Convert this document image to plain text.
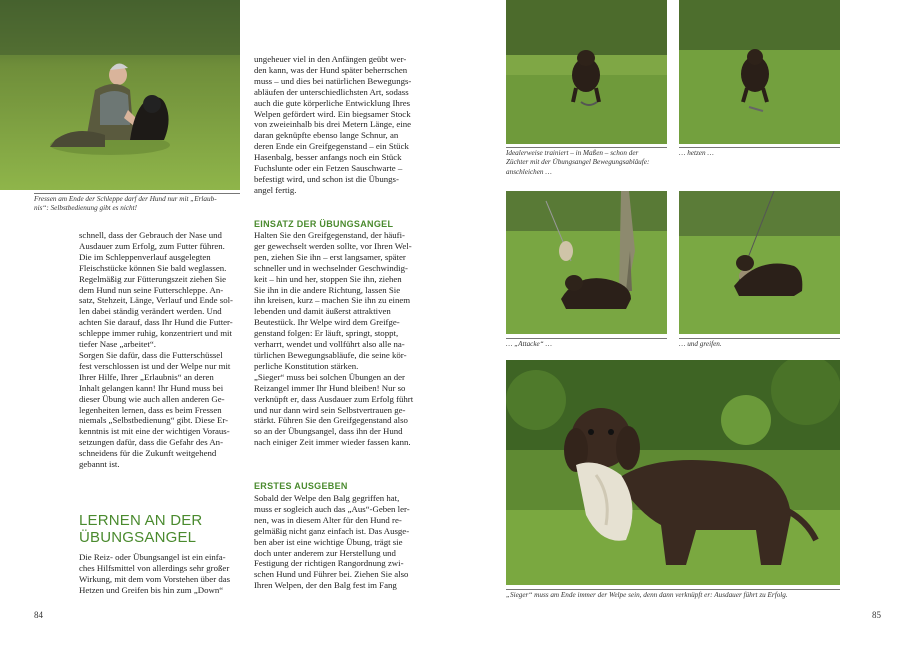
Fressen am Ende der Schleppe darf der Hund nur mit „Erlaub-
nis“: Selbstbedienung gibt es nicht!
schnell, dass der Gebrauch der Nase und
Ausdauer zum Erfolg, zum Futter führen.
Die im Schleppenverlauf ausgelegten
Fleischstücke können Sie bald weglassen.
Regelmäßig zur Fütterungszeit ziehen Sie
dem Hund nun seine Futterschleppe. An-
satz, Stehzeit, Länge, Verlauf und Ende sol-
len dabei ständig verändert werden. Und
achten Sie darauf, dass Ihr Hund die Futter-
schleppe immer ruhig, konzentriert und mit
tiefer Nase „arbeitet“.
Sorgen Sie dafür, dass die Futterschüssel
fest verschlossen ist und der Welpe nur mit
Ihrer Hilfe, Ihrer „Erlaubnis“ an deren
Inhalt gelangen kann! Ihr Hund muss bei
dieser Übung wie auch allen anderen Ge-
legenheiten lernen, dass es beim Fressen
niemals „Selbstbedienung“ gibt. Diese Er-
kenntnis ist mit eine der wichtigen Voraus-
setzungen dafür, dass die Gefahr des An-
schneidens für die Zukunft weitgehend
gebannt ist.
LERNEN AN DER
ÜBUNGSANGEL
Die Reiz- oder Übungsangel ist ein einfa-
ches Hilfsmittel von allerdings sehr großer
Wirkung, mit dem vom Vorstehen über das
Hetzen und Greifen bis hin zum „Down“
ungeheuer viel in den Anfängen geübt wer-
den kann, was der Hund später beherrschen
muss – und dies bei natürlichen Bewegungs-
abläufen der unterschiedlichsten Art, sodass
auch die gute körperliche Entwicklung Ihres
Welpen gefördert wird. Ein biegsamer Stock
von zweieinhalb bis drei Metern Länge, eine
daran geknüpfte ebenso lange Schnur, an
deren Ende ein Greifgegenstand – ein Stück
Hasenbalg, besser anfangs noch ein Stück
Fuchslunte oder ein Fetzen Sauschwarte –
befestigt wird, und schon ist die Übungs-
angel fertig.
EINSATZ DER ÜBUNGSANGEL
Halten Sie den Greifgegenstand, der häufi-
ger gewechselt werden sollte, vor Ihren Wel-
pen, ziehen Sie ihn – erst langsamer, später
schneller und in wechselnder Geschwindig-
keit – hin und her, stoppen Sie ihn, ziehen
Sie ihn in die andere Richtung, lassen Sie
ihn kreisen, kurz – machen Sie ihn zu einem
lebenden und damit äußerst attraktiven
Beutestück. Ihr Welpe wird dem Greifge-
genstand folgen: Er läuft, springt, stoppt,
verharrt, wendet und vollführt also alle na-
türlichen Bewegungsabläufe, die seine kör-
perliche Konstitution stärken.
„Sieger“ muss bei solchen Übungen an der
Reizangel immer Ihr Hund bleiben! Nur so
verknüpft er, dass Ausdauer zum Erfolg führt
und nur dann wird sein Selbstvertrauen ge-
stärkt. Führen Sie den Greifgegenstand also
so an der Übungsangel, dass ihn der Hund
nach einiger Zeit immer wieder fassen kann.
ERSTES AUSGEBEN
Sobald der Welpe den Balg gegriffen hat,
muss er sogleich auch das „Aus“-Geben ler-
nen, was in diesem Alter für den Hund re-
gelmäßig nicht ganz einfach ist. Das Ausge-
ben aber ist eine wichtige Übung, trägt sie
doch unter anderem zur Herstellung und
Festigung der richtigen Rangordnung zwi-
schen Hund und Führer bei. Ziehen Sie also
Ihren Welpen, der den Balg fest im Fang
84
Idealerweise trainiert – in Maßen – schon der
Züchter mit der Übungsangel Bewegungsabläufe:
anschleichen …
… hetzen …
… „Attacke“ …	… und greifen.
„Sieger“ muss am Ende immer der Welpe sein, denn dann verknüpft er: Ausdauer führt zu Erfolg.
85
